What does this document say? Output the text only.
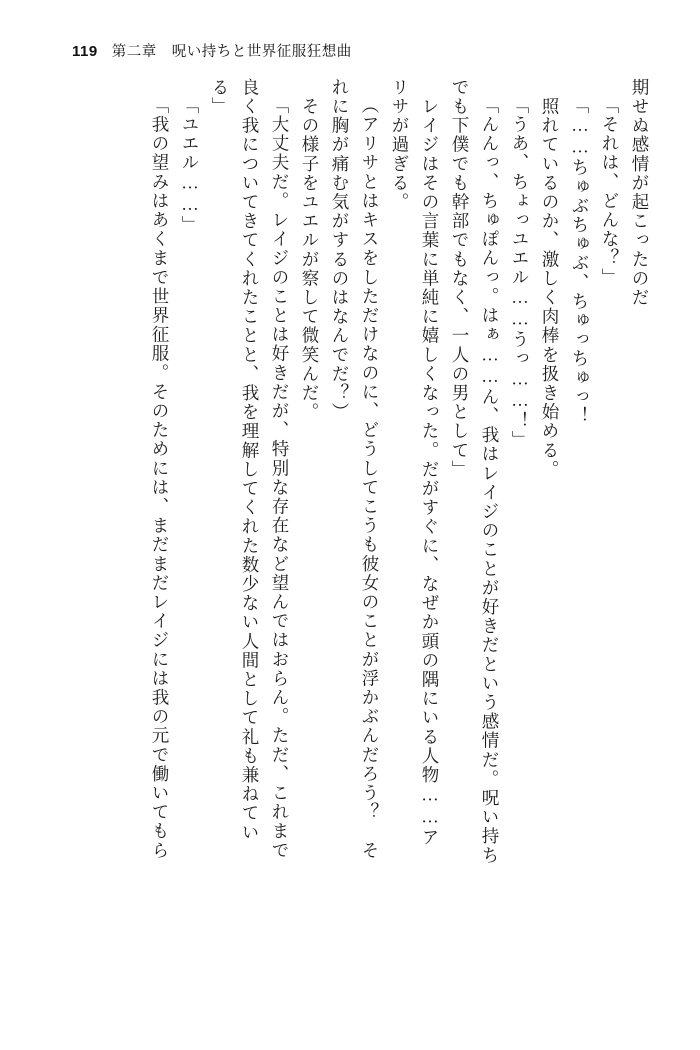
119 第二章　呪い持ちと世界征服狂想曲
期せぬ感情が起こったのだ
「それは、どんな？」
「……ちゅぶちゅぶ、ちゅっちゅっ！
　照れているのか、激しく肉棒を扱き始める。
「うあ、ちょっユエル……うっ……！」
「んんっ、ちゅぽんっ。はぁ……ん、我はレイジのことが好きだという感情だ。呪い持ち
でも下僕でも幹部でもなく、一人の男として」
　レイジはその言葉に単純に嬉しくなった。だがすぐに、なぜか頭の隅にいる人物……ア
リサが過ぎる。
（アリサとはキスをしただけなのに、どうしてこうも彼女のことが浮かぶんだろう？　そ
れに胸が痛む気がするのはなんでだ？）
　その様子をユエルが察して微笑んだ。
「大丈夫だ。レイジのことは好きだが、特別な存在など望んではおらん。ただ、これまで
良く我についてきてくれたことと、我を理解してくれた数少ない人間として礼も兼ねてい
る」
「ユエル……」
「我の望みはあくまで世界征服。そのためには、まだまだレイジには我の元で働いてもら
